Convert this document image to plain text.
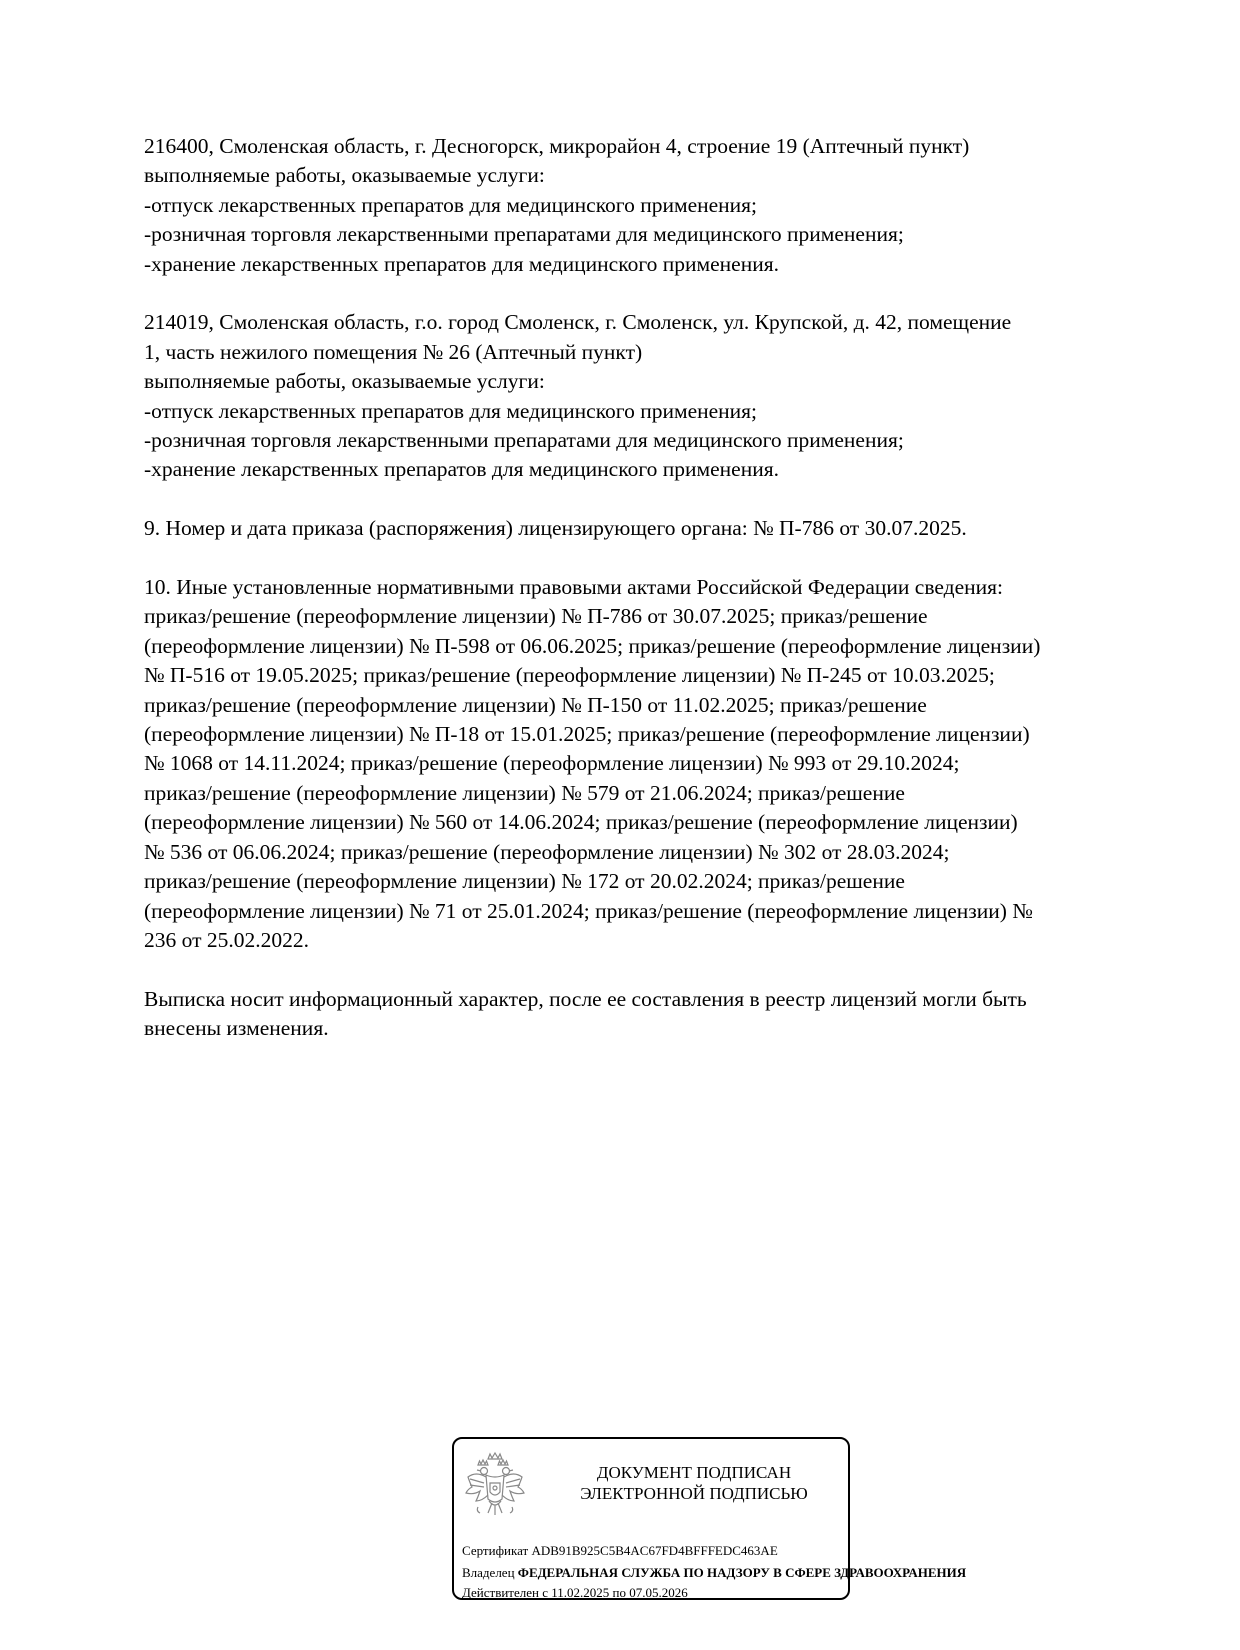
216400, Смоленская область, г. Десногорск, микрорайон 4, строение 19 (Аптечный пункт)

выполняемые работы, оказываемые услуги:

-отпуск лекарственных препаратов для медицинского применения;

-розничная торговля лекарственными препаратами для медицинского применения;

-хранение лекарственных препаратов для медицинского применения.

214019, Смоленская область, г.о. город Смоленск, г. Смоленск, ул. Крупской, д. 42, помещение

1, часть нежилого помещения № 26 (Аптечный пункт)

выполняемые работы, оказываемые услуги:

-отпуск лекарственных препаратов для медицинского применения;

-розничная торговля лекарственными препаратами для медицинского применения;

-хранение лекарственных препаратов для медицинского применения.

9. Номер и дата приказа (распоряжения) лицензирующего органа: № П-786 от 30.07.2025.

10. Иные установленные нормативными правовыми актами Российской Федерации сведения:

приказ/решение (переоформление лицензии) № П-786 от 30.07.2025; приказ/решение

(переоформление лицензии) № П-598 от 06.06.2025; приказ/решение (переоформление лицензии)

№ П-516 от 19.05.2025; приказ/решение (переоформление лицензии) № П-245 от 10.03.2025;

приказ/решение (переоформление лицензии) № П-150 от 11.02.2025; приказ/решение

(переоформление лицензии) № П-18 от 15.01.2025; приказ/решение (переоформление лицензии)

№ 1068 от 14.11.2024; приказ/решение (переоформление лицензии) № 993 от 29.10.2024;

приказ/решение (переоформление лицензии) № 579 от 21.06.2024; приказ/решение

(переоформление лицензии) № 560 от 14.06.2024; приказ/решение (переоформление лицензии)

№ 536 от 06.06.2024; приказ/решение (переоформление лицензии) № 302 от 28.03.2024;

приказ/решение (переоформление лицензии) № 172 от 20.02.2024; приказ/решение

(переоформление лицензии) № 71 от 25.01.2024; приказ/решение (переоформление лицензии) №

236 от 25.02.2022.

Выписка носит информационный характер, после ее составления в реестр лицензий могли быть

внесены изменения.

ДОКУМЕНТ ПОДПИСАН
ЭЛЕКТРОННОЙ ПОДПИСЬЮ
Сертификат ADB91B925C5B4AC67FD4BFFFEDC463AE
Владелец ФЕДЕРАЛЬНАЯ СЛУЖБА ПО НАДЗОРУ В СФЕРЕ ЗДРАВООХРАНЕНИЯ
Действителен с 11.02.2025 по 07.05.2026
